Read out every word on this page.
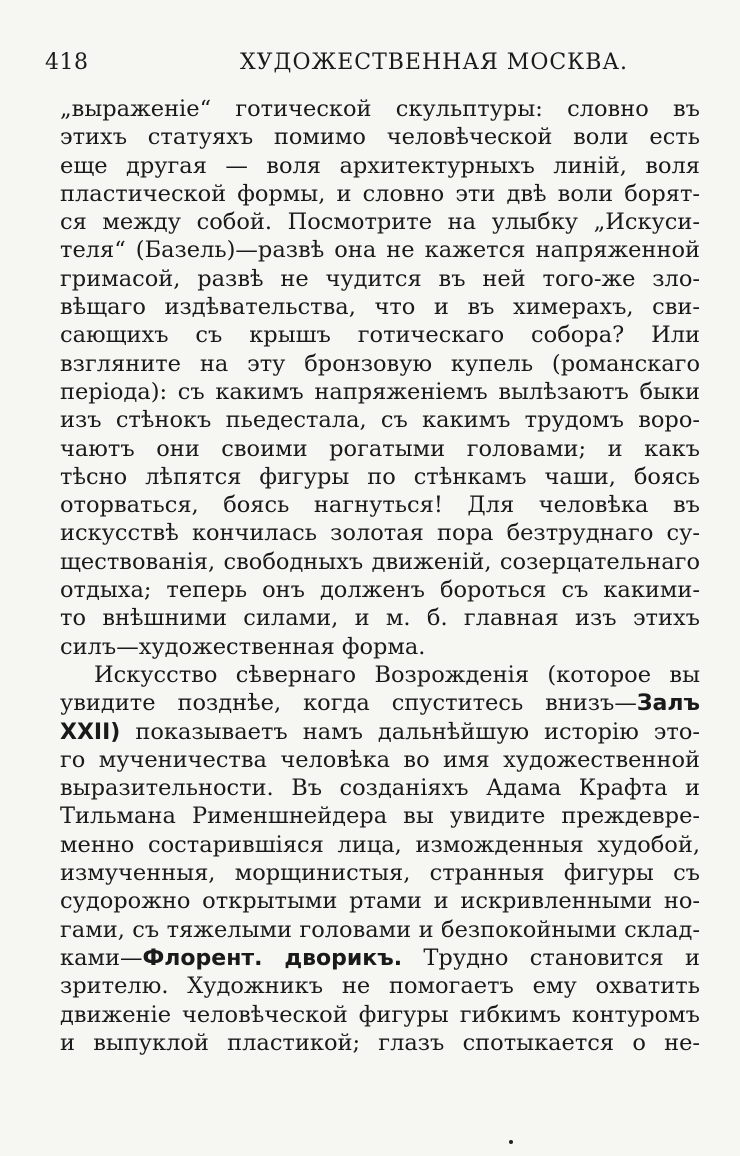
418	ХУДОЖЕСТВЕННАЯ МОСКВА.
„выраженіе“ готической скульптуры: словно въ
этихъ статуяхъ помимо человѣческой воли есть
еще другая — воля архитектурныхъ линій, воля
пластической формы, и словно эти двѣ воли борят-
ся между собой. Посмотрите на улыбку „Искуси-
теля“ (Базель)—развѣ она не кажется напряженной
гримасой, развѣ не чудится въ ней того-же зло-
вѣщаго издѣвательства, что и въ химерахъ, сви-
сающихъ съ крышъ готическаго собора? Или
взгляните на эту бронзовую купель (романскаго
періода): съ какимъ напряженіемъ вылѣзаютъ быки
изъ стѣнокъ пьедестала, съ какимъ трудомъ воро-
чаютъ они своими рогатыми головами; и какъ
тѣсно лѣпятся фигуры по стѣнкамъ чаши, боясь
оторваться, боясь нагнуться! Для человѣка въ
искусствѣ кончилась золотая пора безтруднаго су-
ществованія, свободныхъ движеній, созерцательнаго
отдыха; теперь онъ долженъ бороться съ какими-
то внѣшними силами, и м. б. главная изъ этихъ
силъ—художественная форма.
Искусство сѣвернаго Возрожденія (которое вы
увидите позднѣе, когда спуститесь внизъ—Залъ
XXII) показываетъ намъ дальнѣйшую исторію это-
го мученичества человѣка во имя художественной
выразительности. Въ созданіяхъ Адама Крафта и
Тильмана Рименшнейдера вы увидите преждевре-
менно состарившіяся лица, изможденныя худобой,
измученныя, морщинистыя, странныя фигуры съ
судорожно открытыми ртами и искривленными но-
гами, съ тяжелыми головами и безпокойными склад-
ками—Флорент. дворикъ. Трудно становится и
зрителю. Художникъ не помогаетъ ему охватить
движеніе человѣческой фигуры гибкимъ контуромъ
и выпуклой пластикой; глазъ спотыкается о не-
